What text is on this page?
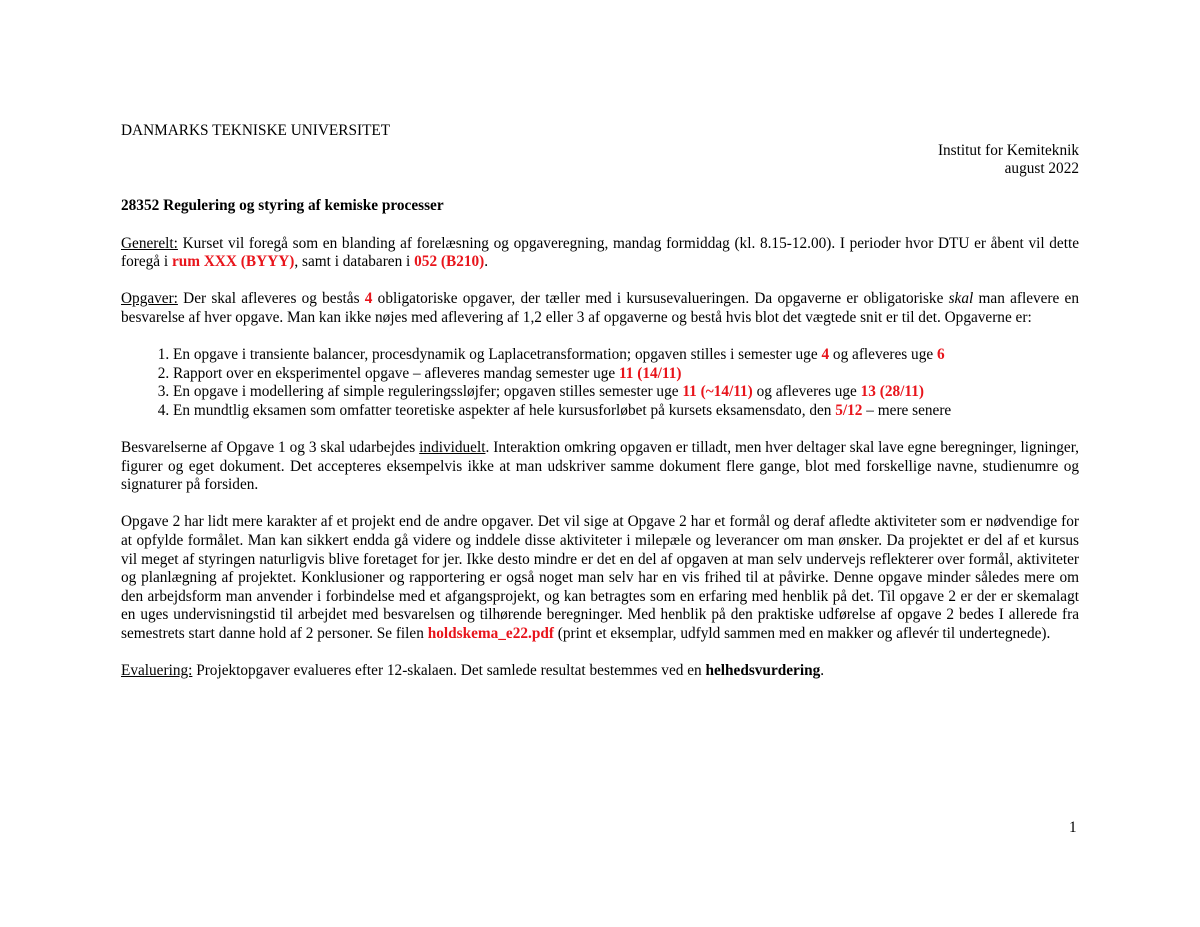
DANMARKS TEKNISKE UNIVERSITET

Institut for Kemiteknik

august 2022

28352 Regulering og styring af kemiske processer

Generelt: Kurset vil foregå som en blanding af forelæsning og opgaveregning, mandag formiddag (kl. 8.15-12.00). I perioder hvor DTU er åbent vil dette foregå i rum XXX (BYYY), samt i databaren i 052 (B210).

Opgaver: Der skal afleveres og bestås 4 obligatoriske opgaver, der tæller med i kursusevalueringen. Da opgaverne er obligatoriske skal man aflevere en besvarelse af hver opgave. Man kan ikke nøjes med aflevering af 1,2 eller 3 af opgaverne og bestå hvis blot det vægtede snit er til det. Opgaverne er:

1. En opgave i transiente balancer, procesdynamik og Laplacetransformation; opgaven stilles i semester uge 4 og afleveres uge 6
2. Rapport over en eksperimentel opgave – afleveres mandag semester uge 11 (14/11)
3. En opgave i modellering af simple reguleringssløjfer; opgaven stilles semester uge 11 (~14/11) og afleveres uge 13 (28/11)
4. En mundtlig eksamen som omfatter teoretiske aspekter af hele kursusforløbet på kursets eksamensdato, den 5/12 – mere senere

Besvarelserne af Opgave 1 og 3 skal udarbejdes individuelt. Interaktion omkring opgaven er tilladt, men hver deltager skal lave egne beregninger, ligninger, figurer og eget dokument. Det accepteres eksempelvis ikke at man udskriver samme dokument flere gange, blot med forskellige navne, studienumre og signaturer på forsiden.

Opgave 2 har lidt mere karakter af et projekt end de andre opgaver. Det vil sige at Opgave 2 har et formål og deraf afledte aktiviteter som er nødvendige for at opfylde formålet. Man kan sikkert endda gå videre og inddele disse aktiviteter i milepæle og leverancer om man ønsker. Da projektet er del af et kursus vil meget af styringen naturligvis blive foretaget for jer. Ikke desto mindre er det en del af opgaven at man selv undervejs reflekterer over formål, aktiviteter og planlægning af projektet. Konklusioner og rapportering er også noget man selv har en vis frihed til at påvirke. Denne opgave minder således mere om den arbejdsform man anvender i forbindelse med et afgangsprojekt, og kan betragtes som en erfaring med henblik på det. Til opgave 2 er der er skemalagt en uges undervisningstid til arbejdet med besvarelsen og tilhørende beregninger. Med henblik på den praktiske udførelse af opgave 2 bedes I allerede fra semestrets start danne hold af 2 personer. Se filen holdskema_e22.pdf (print et eksemplar, udfyld sammen med en makker og aflevér til undertegnede).

Evaluering: Projektopgaver evalueres efter 12-skalaen. Det samlede resultat bestemmes ved en helhedsvurdering.

1
